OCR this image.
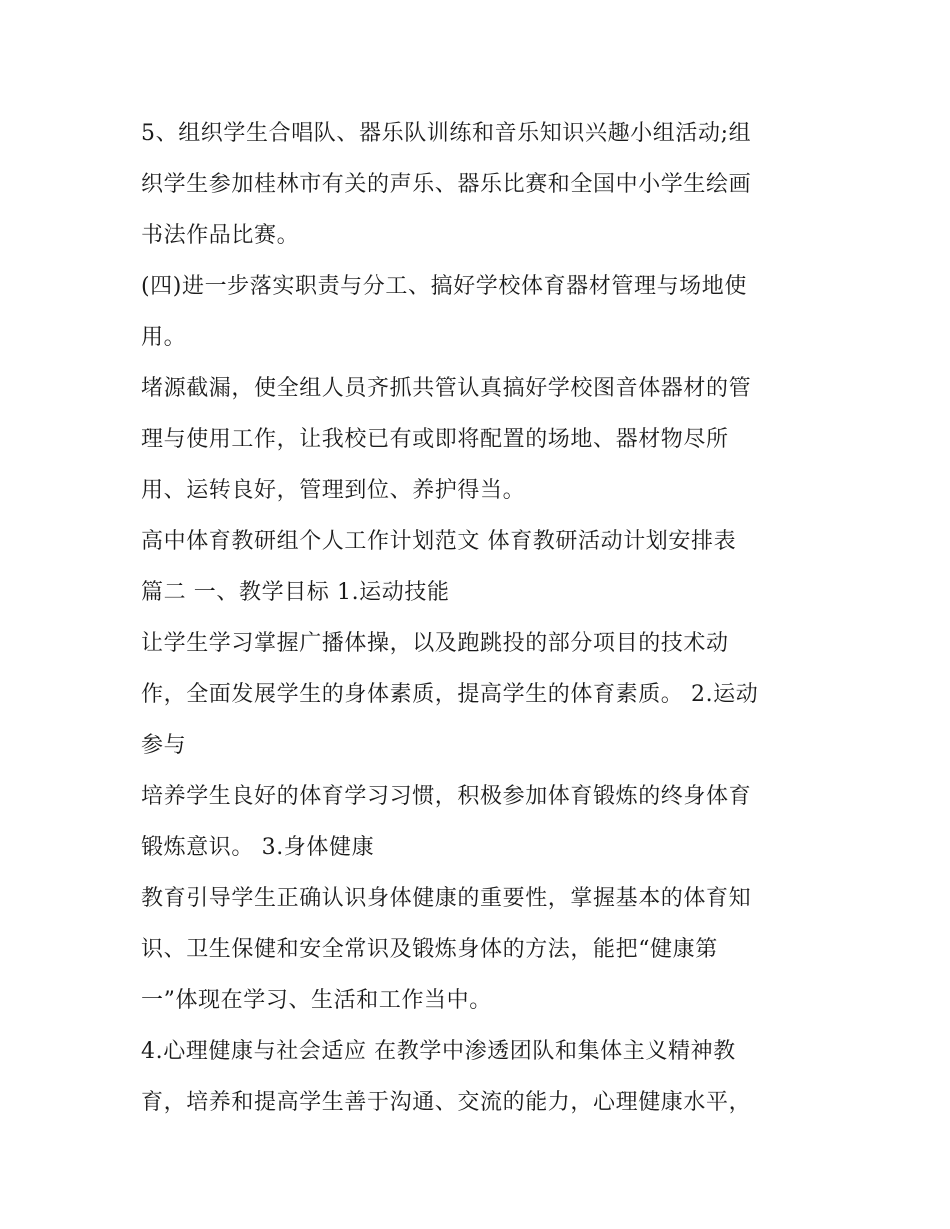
5、组织学生合唱队、器乐队训练和音乐知识兴趣小组活动;组
织学生参加桂林市有关的声乐、器乐比赛和全国中小学生绘画
书法作品比赛。
(四)进一步落实职责与分工、搞好学校体育器材管理与场地使
用。
堵源截漏，使全组人员齐抓共管认真搞好学校图音体器材的管
理与使用工作，让我校已有或即将配置的场地、器材物尽所
用、运转良好，管理到位、养护得当。
高中体育教研组个人工作计划范文 体育教研活动计划安排表
篇二 一、教学目标 1.运动技能
让学生学习掌握广播体操，以及跑跳投的部分项目的技术动
作，全面发展学生的身体素质，提高学生的体育素质。 2.运动
参与
培养学生良好的体育学习习惯，积极参加体育锻炼的终身体育
锻炼意识。 3.身体健康
教育引导学生正确认识身体健康的重要性，掌握基本的体育知
识、卫生保健和安全常识及锻炼身体的方法，能把“健康第
一”体现在学习、生活和工作当中。
4.心理健康与社会适应 在教学中渗透团队和集体主义精神教
育，培养和提高学生善于沟通、交流的能力，心理健康水平，
